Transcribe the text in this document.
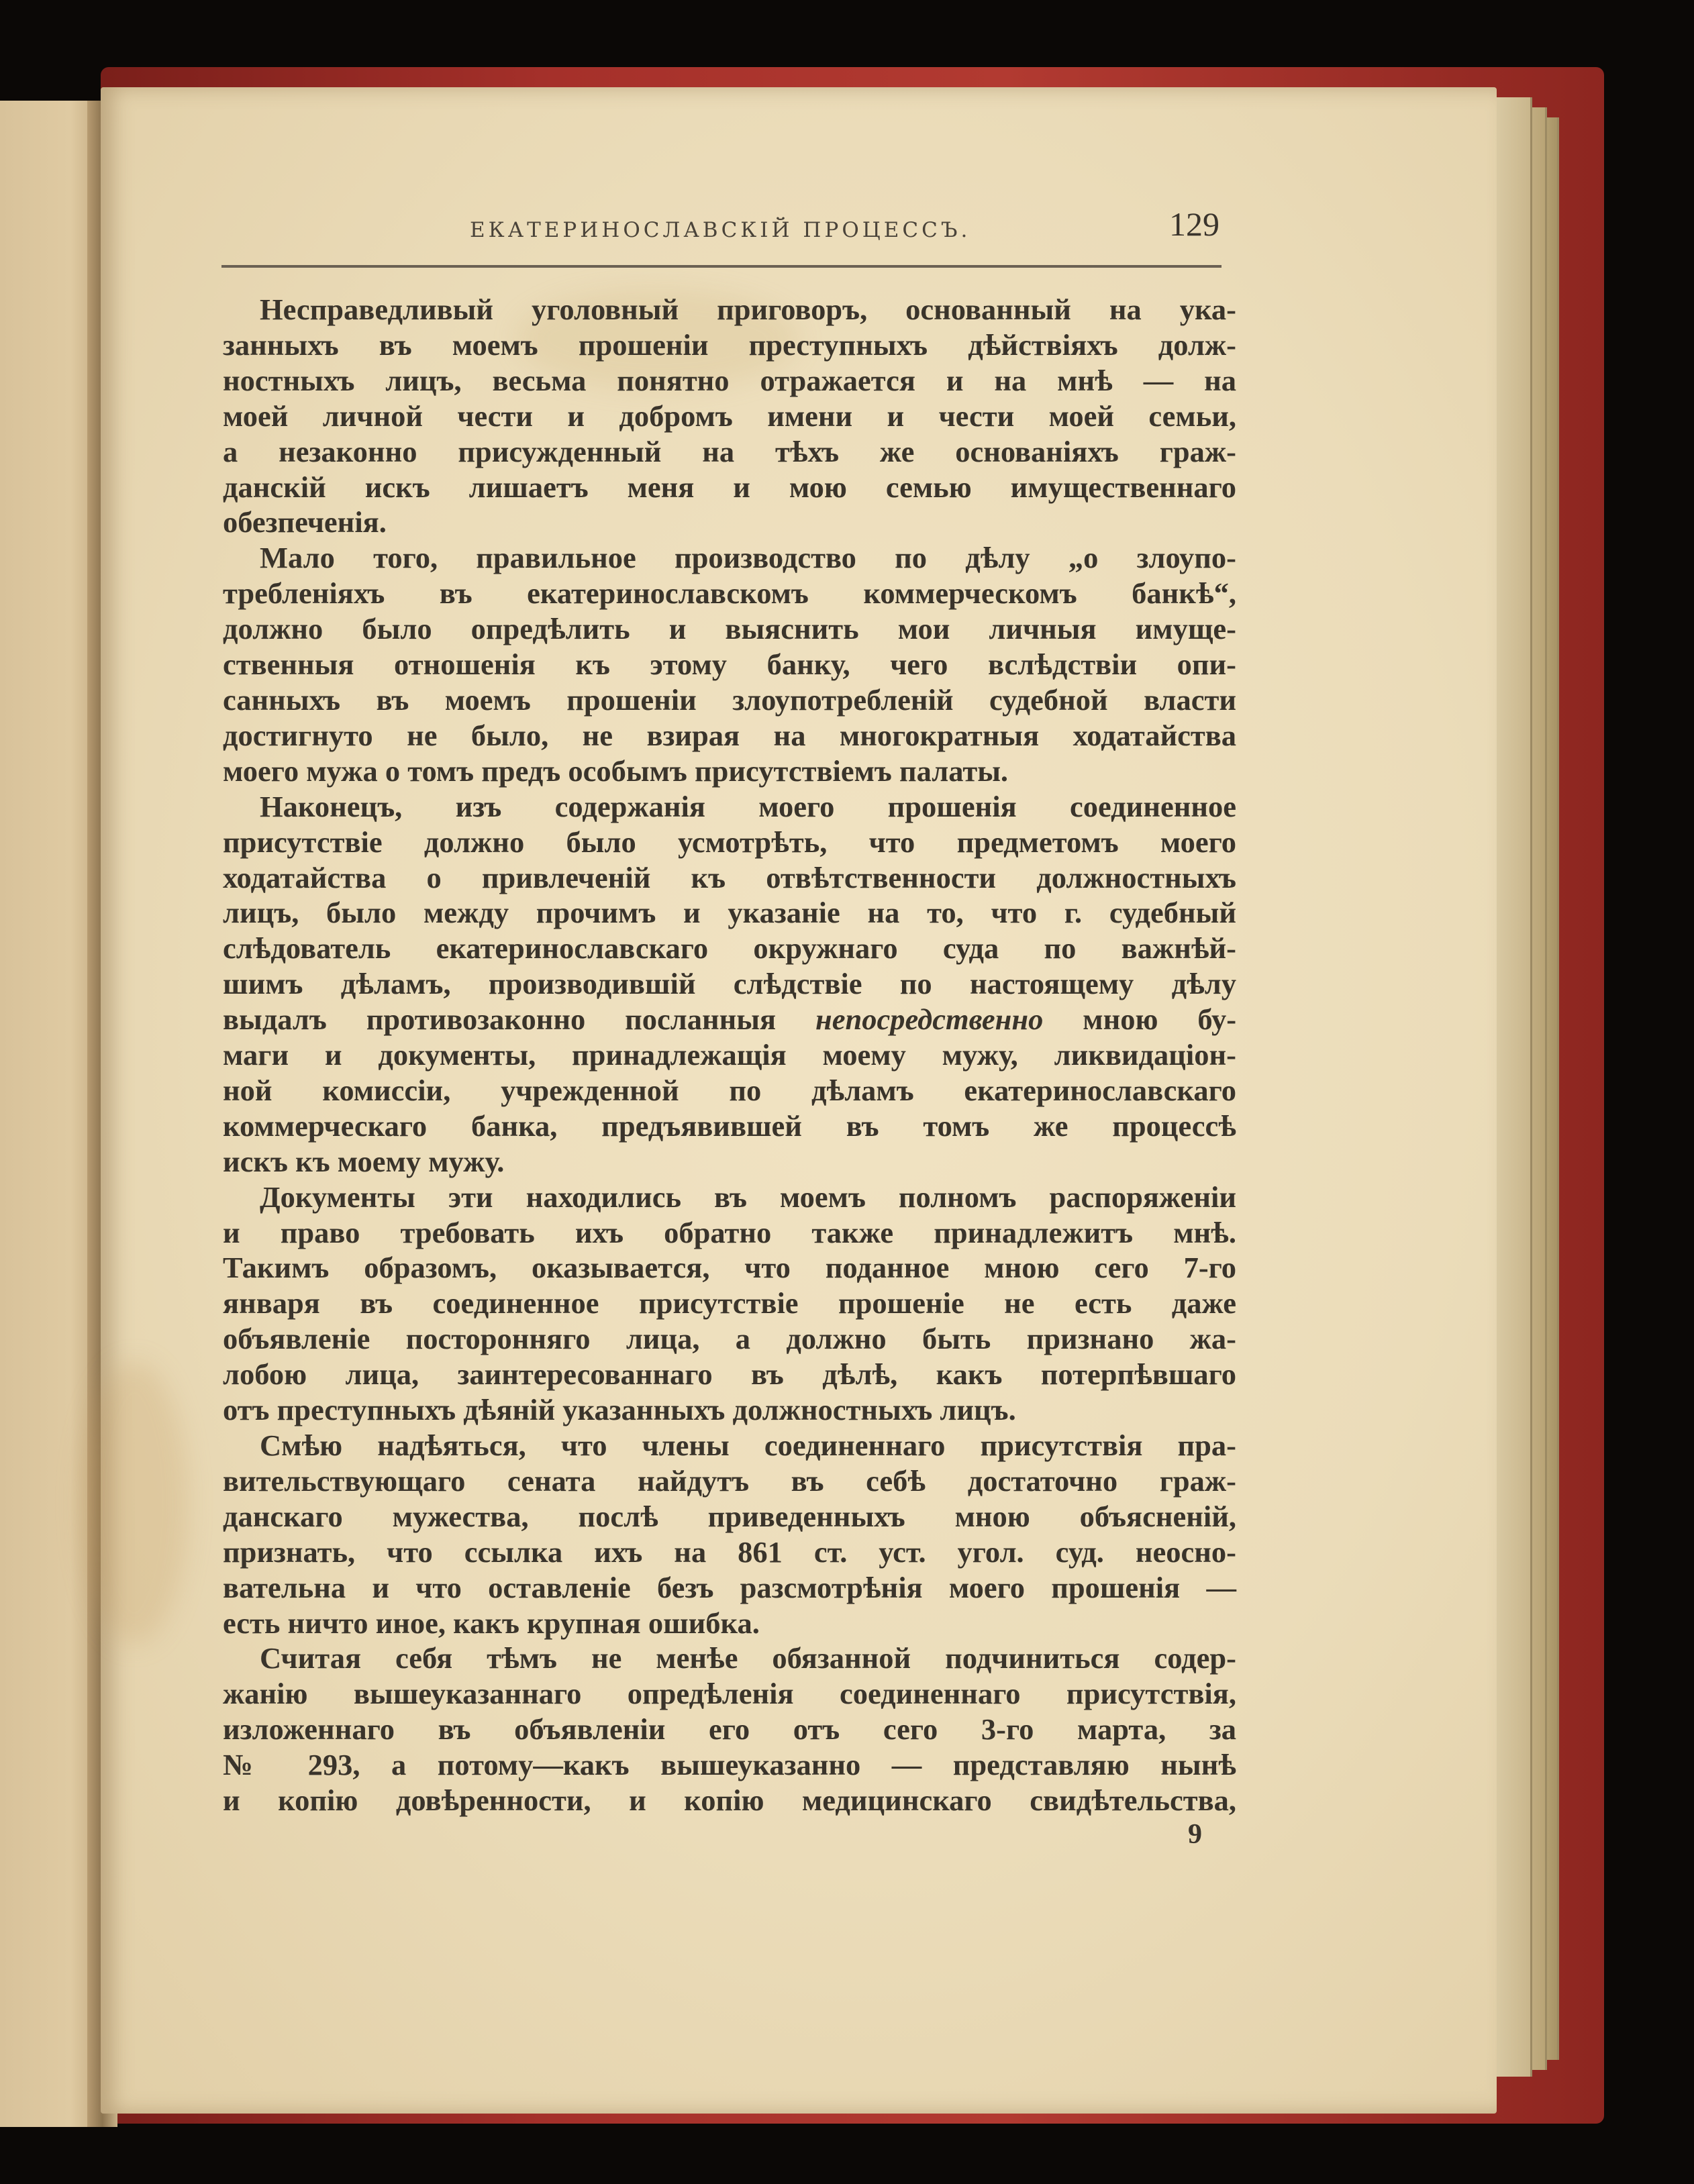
ЕКАТЕРИНОСЛАВСКІЙ ПРОЦЕССЪ.	129

Несправедливый уголовный приговоръ, основанный на ука-
занныхъ въ моемъ прошеніи преступныхъ дѣйствіяхъ долж-
ностныхъ лицъ, весьма понятно отражается и на мнѣ — на
моей личной чести и добромъ имени и чести моей семьи,
а незаконно присужденный на тѣхъ же основаніяхъ граж-
данскій искъ лишаетъ меня и мою семью имущественнаго
обезпеченія.

Мало того, правильное производство по дѣлу „о злоупо-
требленіяхъ въ екатеринославскомъ коммерческомъ банкѣ“,
должно было опредѣлить и выяснить мои личныя имуще-
ственныя отношенія къ этому банку, чего вслѣдствіи опи-
санныхъ въ моемъ прошеніи злоупотребленій судебной власти
достигнуто не было, не взирая на многократныя ходатайства
моего мужа о томъ предъ особымъ присутствіемъ палаты.

Наконецъ, изъ содержанія моего прошенія соединенное
присутствіе должно было усмотрѣть, что предметомъ моего
ходатайства о привлеченій къ отвѣтственности должностныхъ
лицъ, было между прочимъ и указаніе на то, что г. судебный
слѣдователь екатеринославскаго окружнаго суда по важнѣй-
шимъ дѣламъ, производившій слѣдствіе по настоящему дѣлу
выдалъ противозаконно посланныя непосредственно мною бу-
маги и документы, принадлежащія моему мужу, ликвидаціон-
ной комиссіи, учрежденной по дѣламъ екатеринославскаго
коммерческаго банка, предъявившей въ томъ же процессѣ
искъ къ моему мужу.

Документы эти находились въ моемъ полномъ распоряженіи
и право требовать ихъ обратно также принадлежитъ мнѣ.
Такимъ образомъ, оказывается, что поданное мною сего 7-го
января въ соединенное присутствіе прошеніе не есть даже
объявленіе посторонняго лица, а должно быть признано жа-
лобою лица, заинтересованнаго въ дѣлѣ, какъ потерпѣвшаго
отъ преступныхъ дѣяній указанныхъ должностныхъ лицъ.

Смѣю надѣяться, что члены соединеннаго присутствія пра-
вительствующаго сената найдутъ въ себѣ достаточно граж-
данскаго мужества, послѣ приведенныхъ мною объясненій,
признать, что ссылка ихъ на 861 ст. уст. угол. суд. неосно-
вательна и что оставленіе безъ разсмотрѣнія моего прошенія —
есть ничто иное, какъ крупная ошибка.

Считая себя тѣмъ не менѣе обязанной подчиниться содер-
жанію вышеуказаннаго опредѣленія соединеннаго присутствія,
изложеннаго въ объявленіи его отъ сего 3-го марта, за
№ 293, а потому—какъ вышеуказанно — представляю нынѣ
и копію довѣренности, и копію медицинскаго свидѣтельства,

9
